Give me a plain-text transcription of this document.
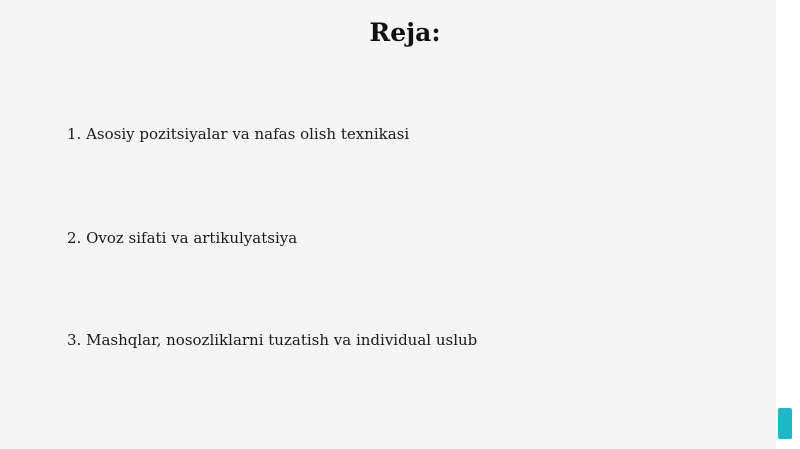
Reja:
1. Asosiy pozitsiyalar va nafas olish texnikasi
2. Ovoz sifati va artikulyatsiya
3. Mashqlar, nosozliklarni tuzatish va individual uslub
